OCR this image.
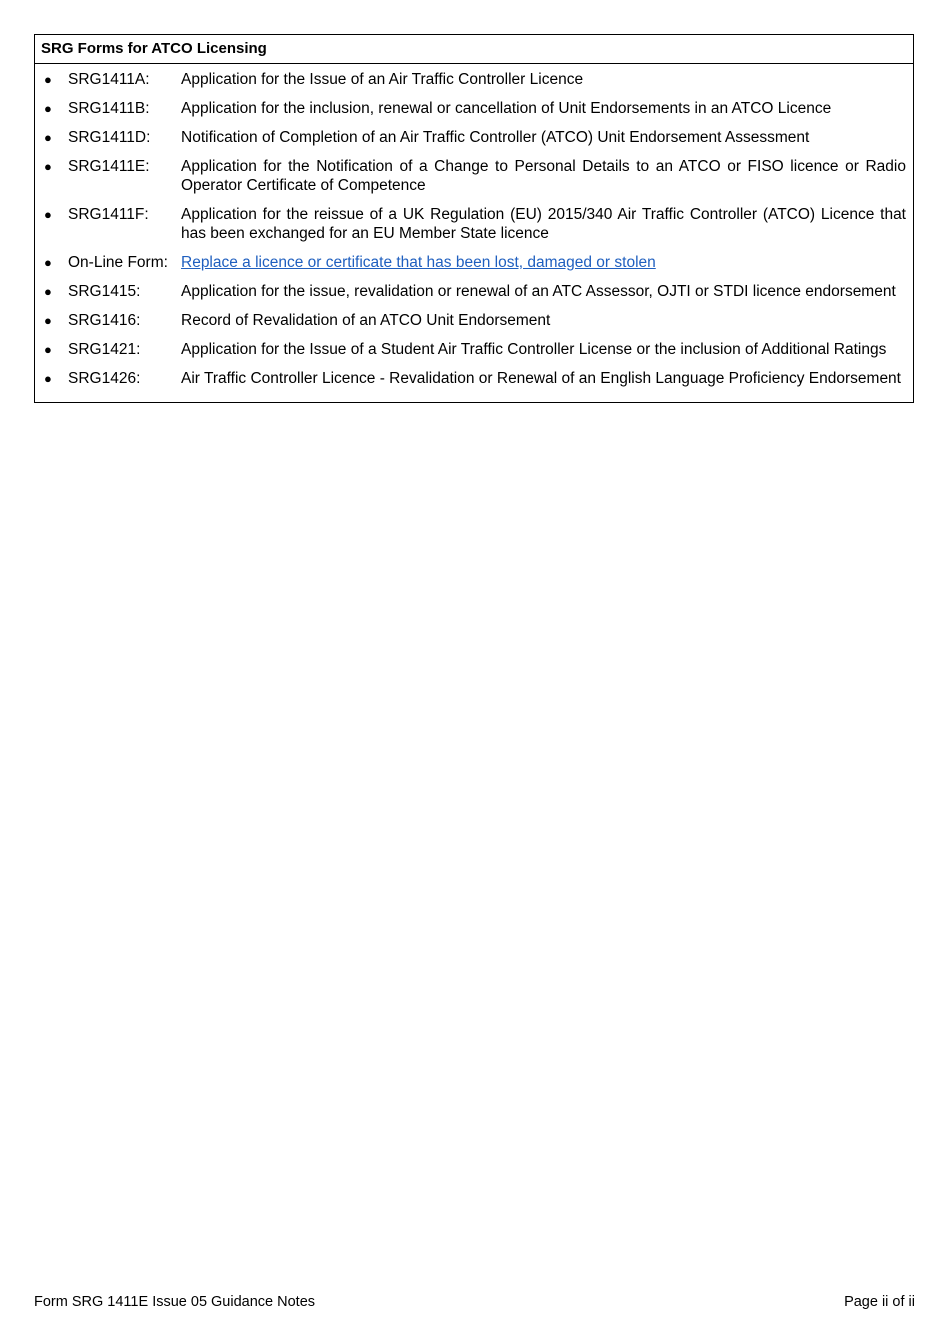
SRG Forms for ATCO Licensing
●	SRG1411A:	Application for the Issue of an Air Traffic Controller Licence
●	SRG1411B:	Application for the inclusion, renewal or cancellation of Unit Endorsements in an ATCO Licence
●	SRG1411D:	Notification of Completion of an Air Traffic Controller (ATCO) Unit Endorsement Assessment
●	SRG1411E:	Application for the Notification of a Change to Personal Details to an ATCO or FISO licence or Radio Operator Certificate of Competence
●	SRG1411F:	Application for the reissue of a UK Regulation (EU) 2015/340 Air Traffic Controller (ATCO) Licence that has been exchanged for an EU Member State licence
●	On-Line Form: Replace a licence or certificate that has been lost, damaged or stolen
●	SRG1415:	Application for the issue, revalidation or renewal of an ATC Assessor, OJTI or STDI licence endorsement
●	SRG1416:	Record of Revalidation of an ATCO Unit Endorsement
●	SRG1421:	Application for the Issue of a Student Air Traffic Controller License or the inclusion of Additional Ratings
●	SRG1426:	Air Traffic Controller Licence - Revalidation or Renewal of an English Language Proficiency Endorsement
Form SRG 1411E Issue 05 Guidance Notes	Page ii of ii
